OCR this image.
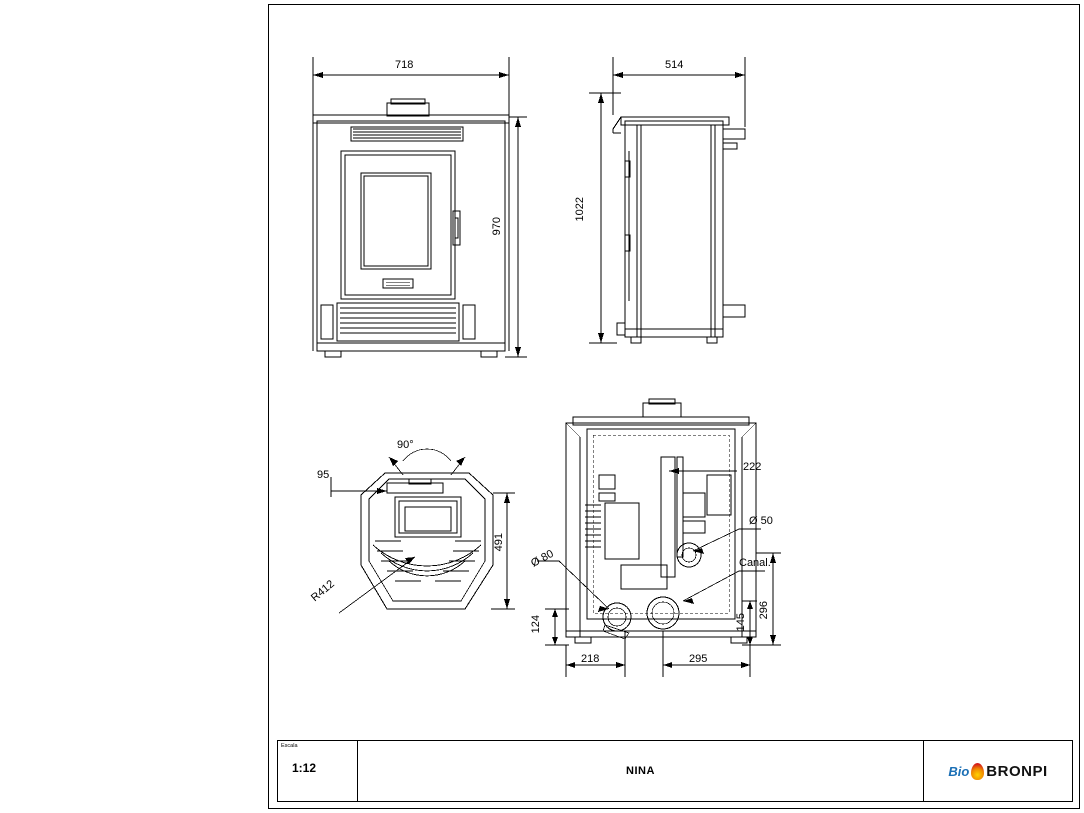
718
970
514
1022
90°
95
491
R412
222
Ø 50
Canal.
Ø 80
296
145
124
218	295
Escala
1:12	NINA	Bio BRONPI
